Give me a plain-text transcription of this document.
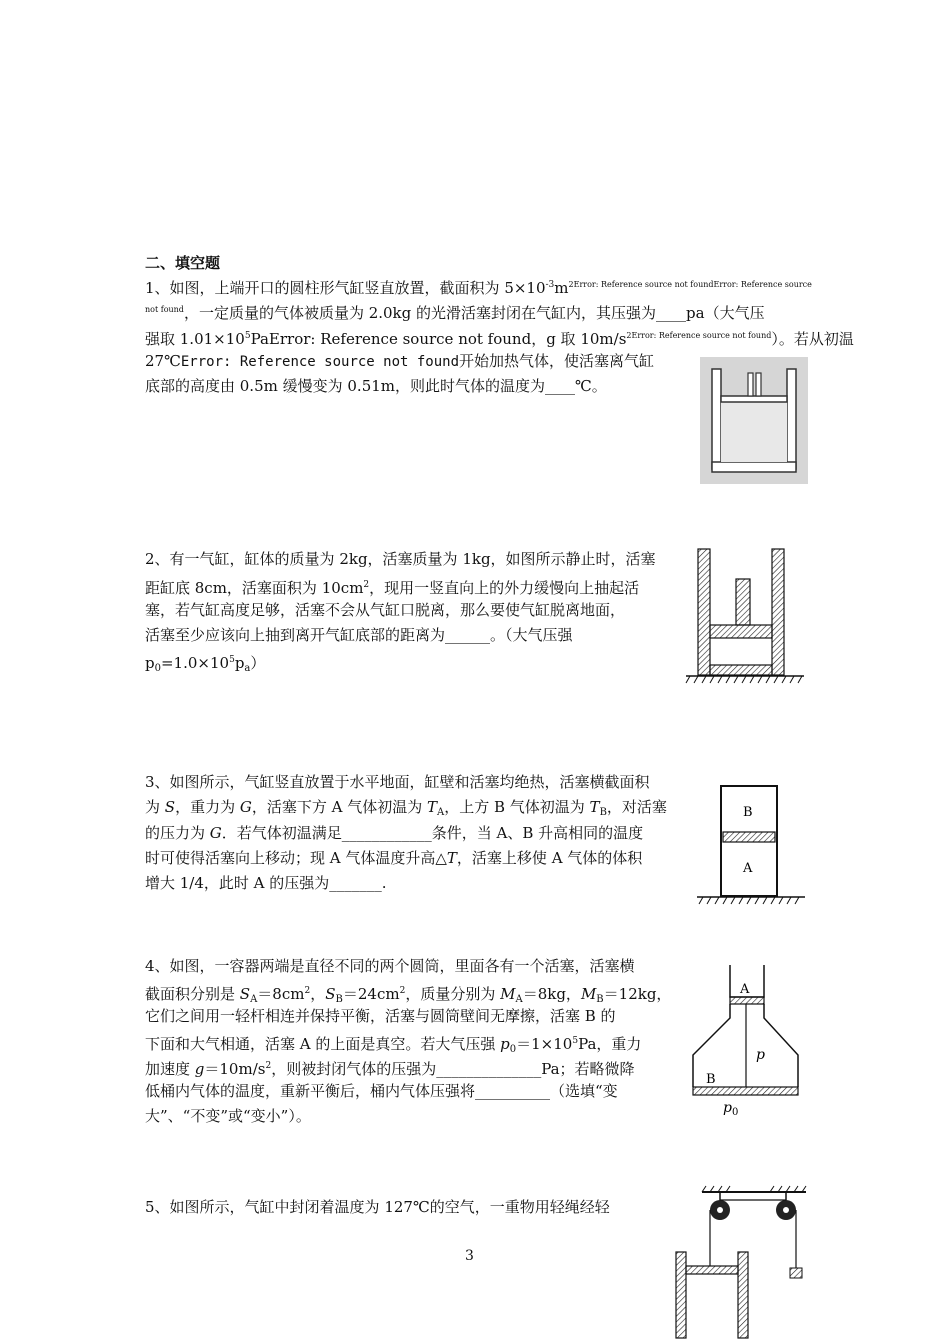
二、填空题
1、如图，上端开口的圆柱形气缸竖直放置，截面积为 $5\times 10^{-3}m^{2Error: Reference source not foundError: Reference source}$
$^{not found}$，一定质量的气体被质量为 2.0kg 的光滑活塞封闭在气缸内，其压强为____pa（大气压
强取 $1.01\times 10^5PaError$: Reference source not found，g 取 $10m/s^{2Error: Reference source not found}$）。若从初温
27℃Error: Reference source not found开始加热气体，使活塞离气缸
底部的高度由 0.5m 缓慢变为 0.51m，则此时气体的温度为____℃。
2、有一气缸，缸体的质量为 2kg，活塞质量为 1kg，如图所示静止时，活塞
距缸底 8cm，活塞面积为 $10cm^2$，现用一竖直向上的外力缓慢向上抽起活
塞，若气缸高度足够，活塞不会从气缸口脱离，那么要使气缸脱离地面，
活塞至少应该向上抽到离开气缸底部的距离为______。（大气压强
$p_0=1.0\times 10^5p_a$）
3、如图所示，气缸竖直放置于水平地面，缸壁和活塞均绝热，活塞横截面积
为 S，重力为 G，活塞下方 A 气体初温为 $T_A$，上方 B 气体初温为 $T_B$，对活塞
的压力为 G．若气体初温满足____________条件，当 A、B 升高相同的温度
时可使得活塞向上移动；现 A 气体温度升高△T，活塞上移使 A 气体的体积
增大 1/4，此时 A 的压强为_______.
B
A
4、如图，一容器两端是直径不同的两个圆筒，里面各有一个活塞，活塞横
截面积分别是 $S_A=8cm^2$，$S_B=24cm^2$，质量分别为 $M_A=8kg$，$M_B=12kg$，
它们之间用一轻杆相连并保持平衡，活塞与圆筒壁间无摩擦，活塞 B 的
下面和大气相通，活塞 A 的上面是真空。若大气压强 $p_0=1\times 10^5Pa$，重力
加速度 $g=10m/s^2$，则被封闭气体的压强为______________Pa；若略微降
低桶内气体的温度，重新平衡后，桶内气体压强将__________（选填“变
大”、“不变”或“变小”）。
A
p
B
$p_0$
5、如图所示，气缸中封闭着温度为 127℃的空气，一重物用轻绳经轻
3
